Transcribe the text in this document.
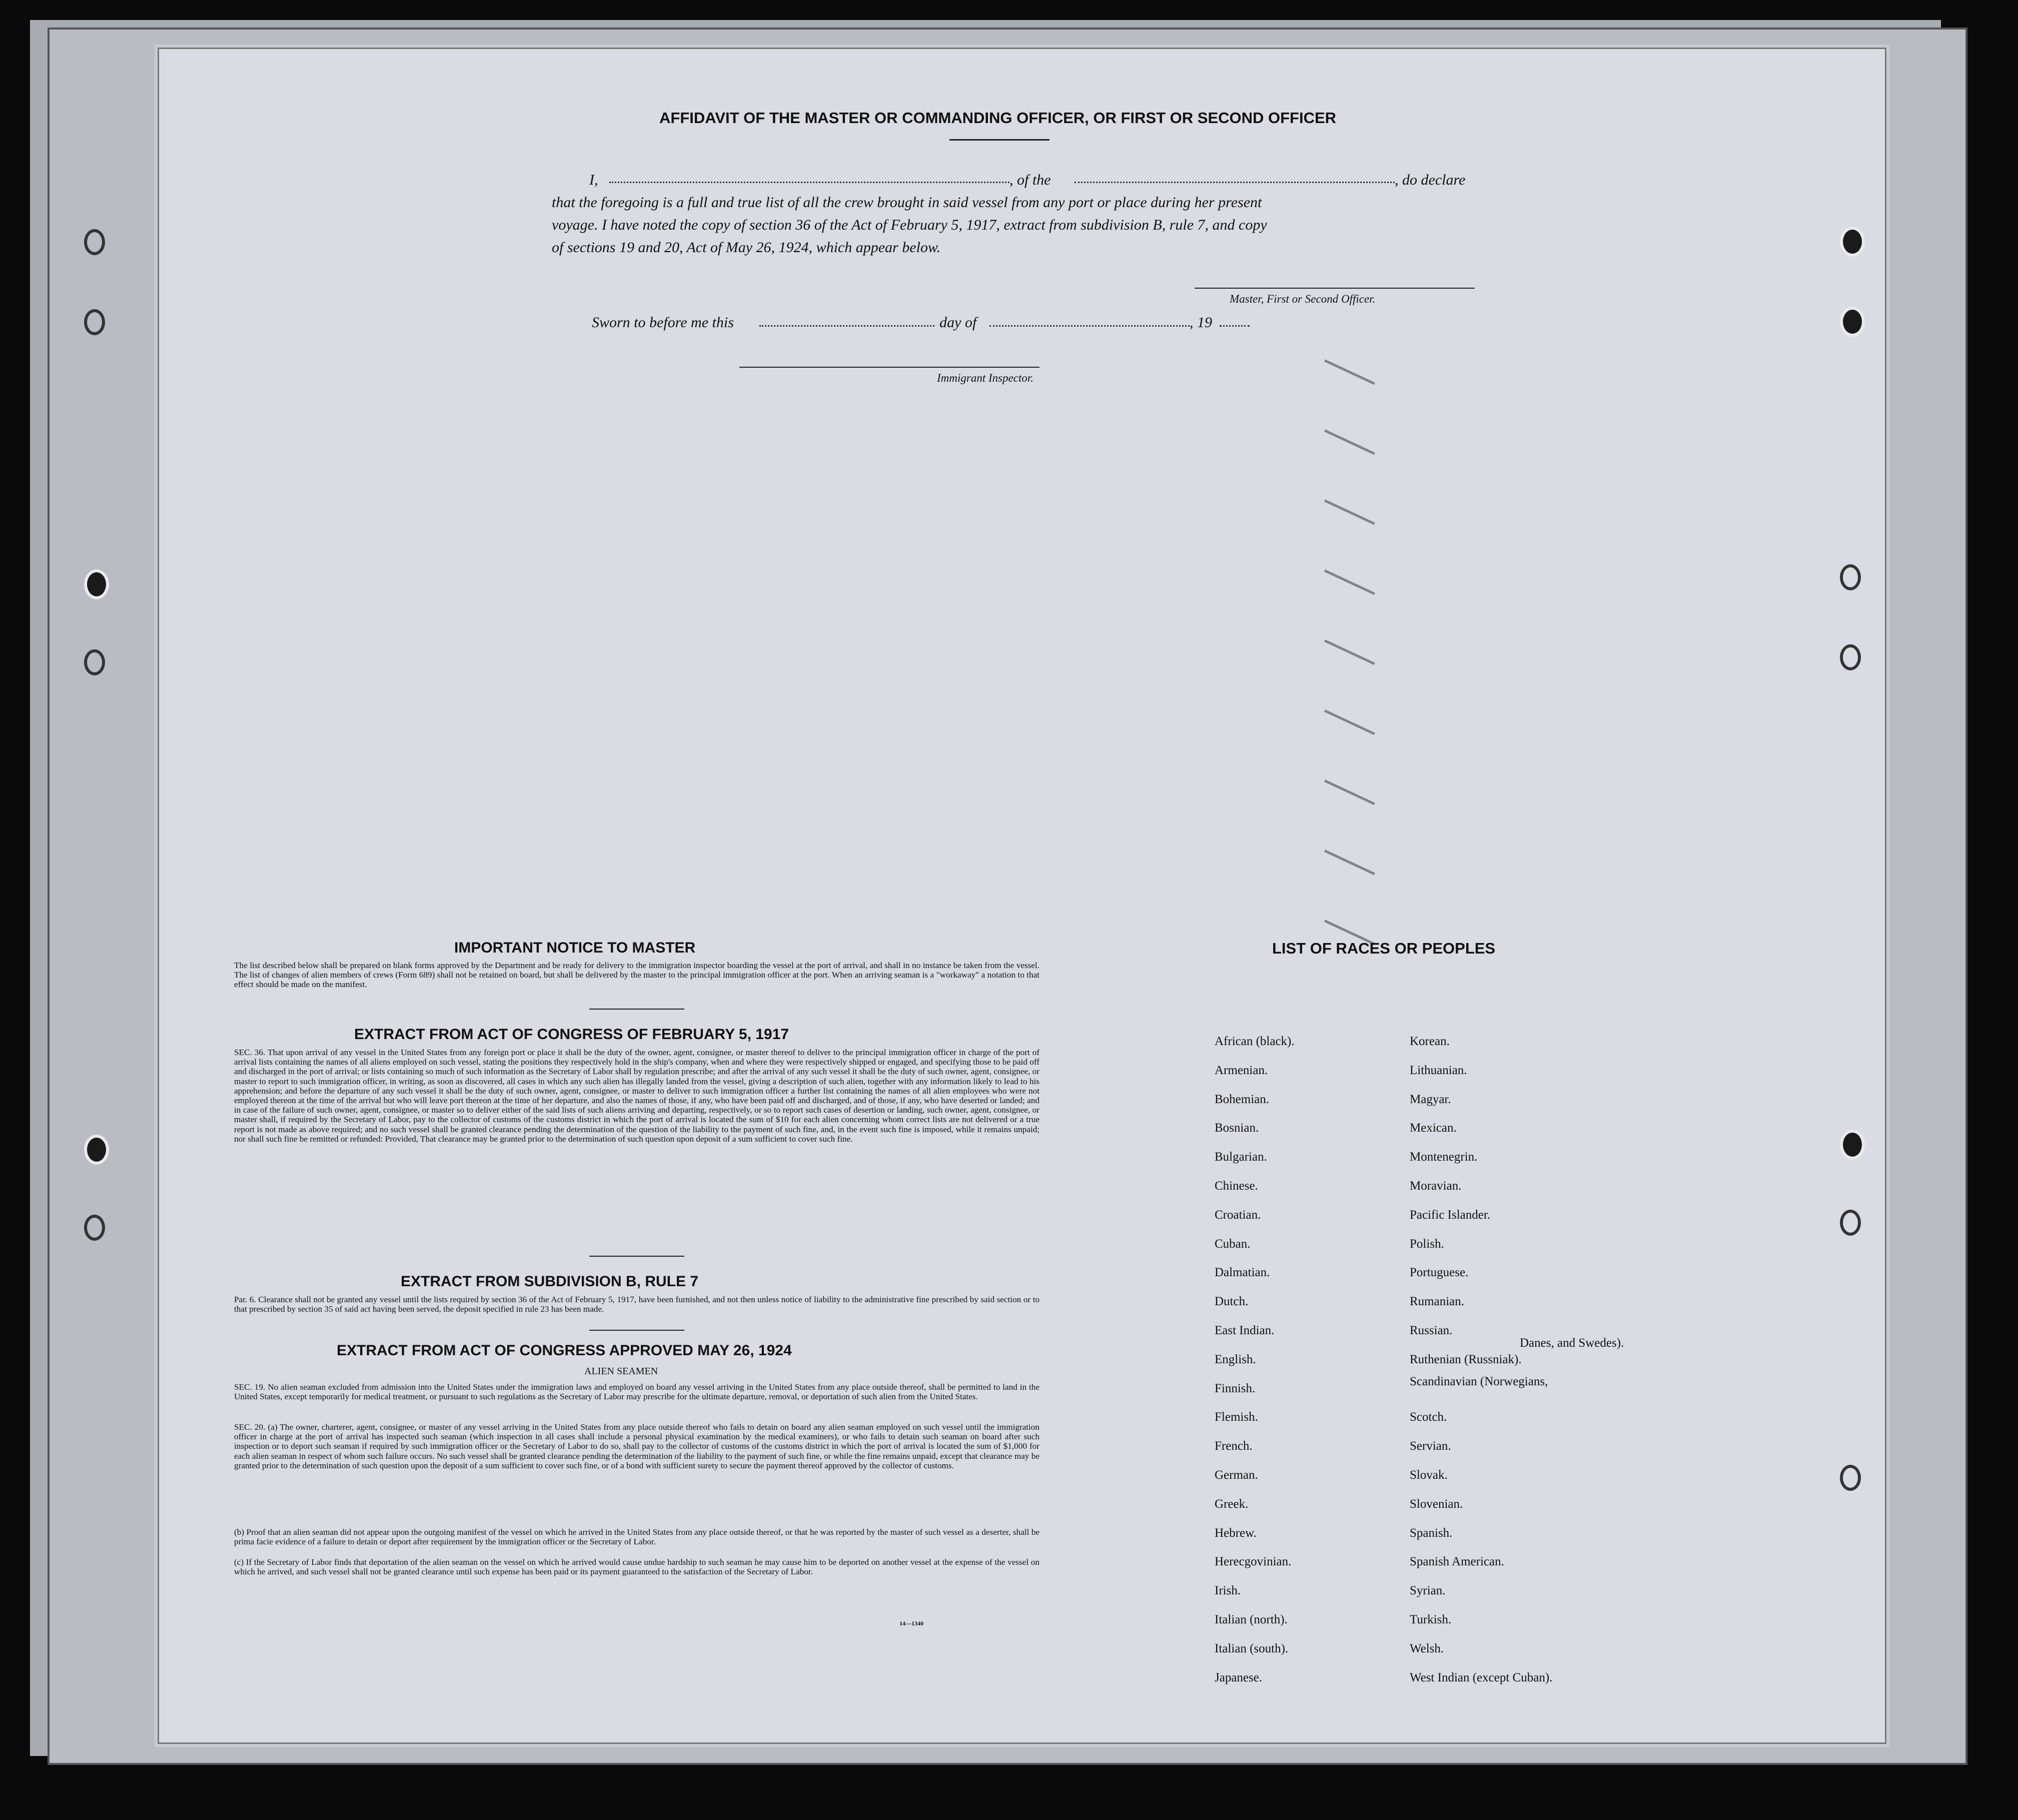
AFFIDAVIT OF THE MASTER OR COMMANDING OFFICER, OR FIRST OR SECOND OFFICER
I,	, of the	, do declare
that the foregoing is a full and true list of all the crew brought in said vessel from any port or place during her present
voyage. I have noted the copy of section 36 of the Act of February 5, 1917, extract from subdivision B, rule 7, and copy
of sections 19 and 20, Act of May 26, 1924, which appear below.
Master, First or Second Officer.
Sworn to before me this	day of	, 19
Immigrant Inspector.
IMPORTANT NOTICE TO MASTER
The list described below shall be prepared on blank forms approved by the Department and be ready for delivery to the immigration inspector boarding the vessel at the port of arrival, and shall in no instance be taken from the vessel. The list of changes of alien members of crews (Form 689) shall not be retained on board, but shall be delivered by the master to the principal immigration officer at the port. When an arriving seaman is a "workaway" a notation to that effect should be made on the manifest.
EXTRACT FROM ACT OF CONGRESS OF FEBRUARY 5, 1917
SEC. 36. That upon arrival of any vessel in the United States from any foreign port or place it shall be the duty of the owner, agent, consignee, or master thereof to deliver to the principal immigration officer in charge of the port of arrival lists containing the names of all aliens employed on such vessel, stating the positions they respectively hold in the ship's company, when and where they were respectively shipped or engaged, and specifying those to be paid off and discharged in the port of arrival; or lists containing so much of such information as the Secretary of Labor shall by regulation prescribe; and after the arrival of any such vessel it shall be the duty of such owner, agent, consignee, or master to report to such immigration officer, in writing, as soon as discovered, all cases in which any such alien has illegally landed from the vessel, giving a description of such alien, together with any information likely to lead to his apprehension; and before the departure of any such vessel it shall be the duty of such owner, agent, consignee, or master to deliver to such immigration officer a further list containing the names of all alien employees who were not employed thereon at the time of the arrival but who will leave port thereon at the time of her departure, and also the names of those, if any, who have been paid off and discharged, and of those, if any, who have deserted or landed; and in case of the failure of such owner, agent, consignee, or master so to deliver either of the said lists of such aliens arriving and departing, respectively, or so to report such cases of desertion or landing, such owner, agent, consignee, or master shall, if required by the Secretary of Labor, pay to the collector of customs of the customs district in which the port of arrival is located the sum of $10 for each alien concerning whom correct lists are not delivered or a true report is not made as above required; and no such vessel shall be granted clearance pending the determination of the question of the liability to the payment of such fine, and, in the event such fine is imposed, while it remains unpaid; nor shall such fine be remitted or refunded: Provided, That clearance may be granted prior to the determination of such question upon deposit of a sum sufficient to cover such fine.
EXTRACT FROM SUBDIVISION B, RULE 7
Par. 6. Clearance shall not be granted any vessel until the lists required by section 36 of the Act of February 5, 1917, have been furnished, and not then unless notice of liability to the administrative fine prescribed by said section or to that prescribed by section 35 of said act having been served, the deposit specified in rule 23 has been made.
EXTRACT FROM ACT OF CONGRESS APPROVED MAY 26, 1924
ALIEN SEAMEN
SEC. 19. No alien seaman excluded from admission into the United States under the immigration laws and employed on board any vessel arriving in the United States from any place outside thereof, shall be permitted to land in the United States, except temporarily for medical treatment, or pursuant to such regulations as the Secretary of Labor may prescribe for the ultimate departure, removal, or deportation of such alien from the United States.
SEC. 20. (a) The owner, charterer, agent, consignee, or master of any vessel arriving in the United States from any place outside thereof who fails to detain on board any alien seaman employed on such vessel until the immigration officer in charge at the port of arrival has inspected such seaman (which inspection in all cases shall include a personal physical examination by the medical examiners), or who fails to detain such seaman on board after such inspection or to deport such seaman if required by such immigration officer or the Secretary of Labor to do so, shall pay to the collector of customs of the customs district in which the port of arrival is located the sum of $1,000 for each alien seaman in respect of whom such failure occurs. No such vessel shall be granted clearance pending the determination of the liability to the payment of such fine, or while the fine remains unpaid, except that clearance may be granted prior to the determination of such question upon the deposit of a sum sufficient to cover such fine, or of a bond with sufficient surety to secure the payment thereof approved by the collector of customs.
(b) Proof that an alien seaman did not appear upon the outgoing manifest of the vessel on which he arrived in the United States from any place outside thereof, or that he was reported by the master of such vessel as a deserter, shall be prima facie evidence of a failure to detain or deport after requirement by the immigration officer or the Secretary of Labor.
(c) If the Secretary of Labor finds that deportation of the alien seaman on the vessel on which he arrived would cause undue hardship to such seaman he may cause him to be deported on another vessel at the expense of the vessel on which he arrived, and such vessel shall not be granted clearance until such expense has been paid or its payment guaranteed to the satisfaction of the Secretary of Labor.
14—1340
LIST OF RACES OR PEOPLES
African (black).
Armenian.
Bohemian.
Bosnian.
Bulgarian.
Chinese.
Croatian.
Cuban.
Dalmatian.
Dutch.
East Indian.
English.
Finnish.
Flemish.
French.
German.
Greek.
Hebrew.
Herecgovinian.
Irish.
Italian (north).
Italian (south).
Japanese.
Korean.
Lithuanian.
Magyar.
Mexican.
Montenegrin.
Moravian.
Pacific Islander.
Polish.
Portuguese.
Rumanian.
Russian.
Ruthenian (Russniak).
Scandinavian (Norwegians,
Scotch.
Servian.
Slovak.
Slovenian.
Spanish.
Spanish American.
Syrian.
Turkish.
Welsh.
West Indian (except Cuban).
Danes, and Swedes).
